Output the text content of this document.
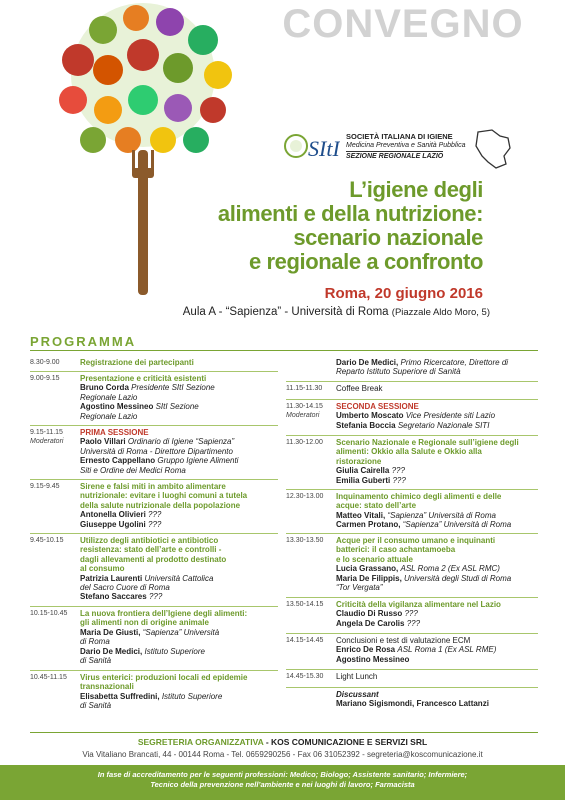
CONVEGNO
SItI SOCIETÀ ITALIANA DI IGIENE
Medicina Preventiva e Sanità Pubblica
SEZIONE REGIONALE LAZIO
L’igiene degli
alimenti e della nutrizione:
scenario nazionale
e regionale a confronto
Roma, 20 giugno 2016
Aula A - “Sapienza” - Università di Roma (Piazzale Aldo Moro, 5)
PROGRAMMA
8.30-9.00	Registrazione dei partecipanti
9.00-9.15	Presentazione e criticità esistenti
Bruno Corda Presidente SItI Sezione
Regionale Lazio
Agostino Messineo SItI Sezione
Regionale Lazio
9.15-11.15
Moderatori
PRIMA SESSIONE
Paolo Villari Ordinario di Igiene “Sapienza”
Università di Roma - Direttore Dipartimento
Ernesto Cappellano Gruppo Igiene Alimenti
Siti e Ordine dei Medici Roma
9.15-9.45	Sirene e falsi miti in ambito alimentare
nutrizionale: evitare i luoghi comuni a tutela
della salute nutrizionale della popolazione
Antonella Olivieri ???
Giuseppe Ugolini ???
9.45-10.15 Utilizzo degli antibiotici e antibiotico
resistenza: stato dell’arte e controlli -
dagli allevamenti al prodotto destinato
al consumo
Patrizia Laurenti Università Cattolica
del Sacro Cuore di Roma
Stefano Saccares ???
10.15-10.45 La nuova frontiera dell’Igiene degli alimenti:
gli alimenti non di origine animale
Maria De Giusti, “Sapienza” Università
di Roma
Dario De Medici, Istituto Superiore
di Sanità
10.45-11.15 Virus enterici: produzioni locali ed epidemie
transnazionali
Elisabetta Suffredini, Istituto Superiore
di Sanità
Dario De Medici, Primo Ricercatore, Direttore di
Reparto Istituto Superiore di Sanità
11.15-11.30 Coffee Break
11.30-14.15
Moderatori
SECONDA SESSIONE
Umberto Moscato Vice Presidente siti Lazio
Stefania Boccia Segretario Nazionale SITI
11.30-12.00 Scenario Nazionale e Regionale sull’igiene degli
alimenti: Okkio alla Salute e Okkio alla
ristorazione
Giulia Cairella ???
Emilia Guberti ???
12.30-13.00 Inquinamento chimico degli alimenti e delle
acque: stato dell’arte
Matteo Vitali, “Sapienza” Università di Roma
Carmen Protano, “Sapienza” Università di Roma
13.30-13.50 Acque per il consumo umano e inquinanti
batterici: il caso achantamoeba
e lo scenario attuale
Lucia Grassano, ASL Roma 2 (Ex ASL RMC)
Maria De Filippis, Università degli Studi di Roma
“Tor Vergata”
13.50-14.15 Criticità della vigilanza alimentare nel Lazio
Claudio Di Russo ???
Angela De Carolis ???
14.15-14.45 Conclusioni e test di valutazione ECM
Enrico De Rosa ASL Roma 1 (Ex ASL RME)
Agostino Messineo
14.45-15.30 Light Lunch
Discussant
Mariano Sigismondi, Francesco Lattanzi
SEGRETERIA ORGANIZZATIVA - KOS COMUNICAZIONE E SERVIZI SRL
Via Vitaliano Brancati, 44 - 00144 Roma - Tel. 0659290256 - Fax 06 31052392 - segreteria@koscomunicazione.it
In fase di accreditamento per le seguenti professioni: Medico; Biologo; Assistente sanitario; Infermiere;
Tecnico della prevenzione nell’ambiente e nei luoghi di lavoro; Farmacista
